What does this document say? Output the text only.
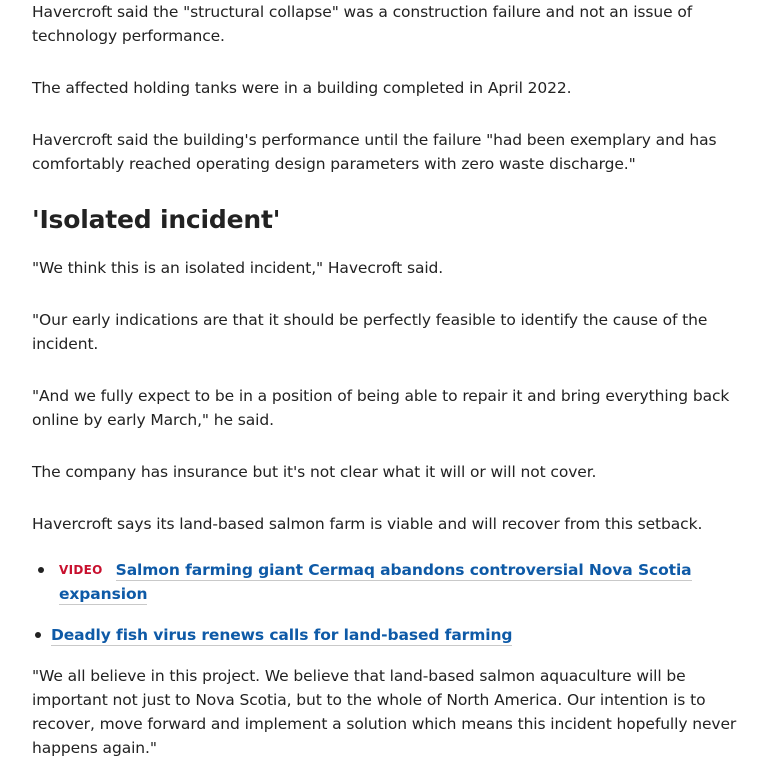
Havercroft said the "structural collapse" was a construction failure and not an issue of technology performance.

The affected holding tanks were in a building completed in April 2022.

Havercroft said the building's performance until the failure "had been exemplary and has comfortably reached operating design parameters with zero waste discharge."

'Isolated incident'

"We think this is an isolated incident," Havecroft said.

"Our early indications are that it should be perfectly feasible to identify the cause of the incident.

"And we fully expect to be in a position of being able to repair it and bring everything back online by early March," he said.

The company has insurance but it's not clear what it will or will not cover.

Havercroft says its land-based salmon farm is viable and will recover from this setback.

VIDEO Salmon farming giant Cermaq abandons controversial Nova Scotia expansion
Deadly fish virus renews calls for land-based farming

"We all believe in this project. We believe that land-based salmon aquaculture will be important not just to Nova Scotia, but to the whole of North America. Our intention is to recover, move forward and implement a solution which means this incident hopefully never happens again."
